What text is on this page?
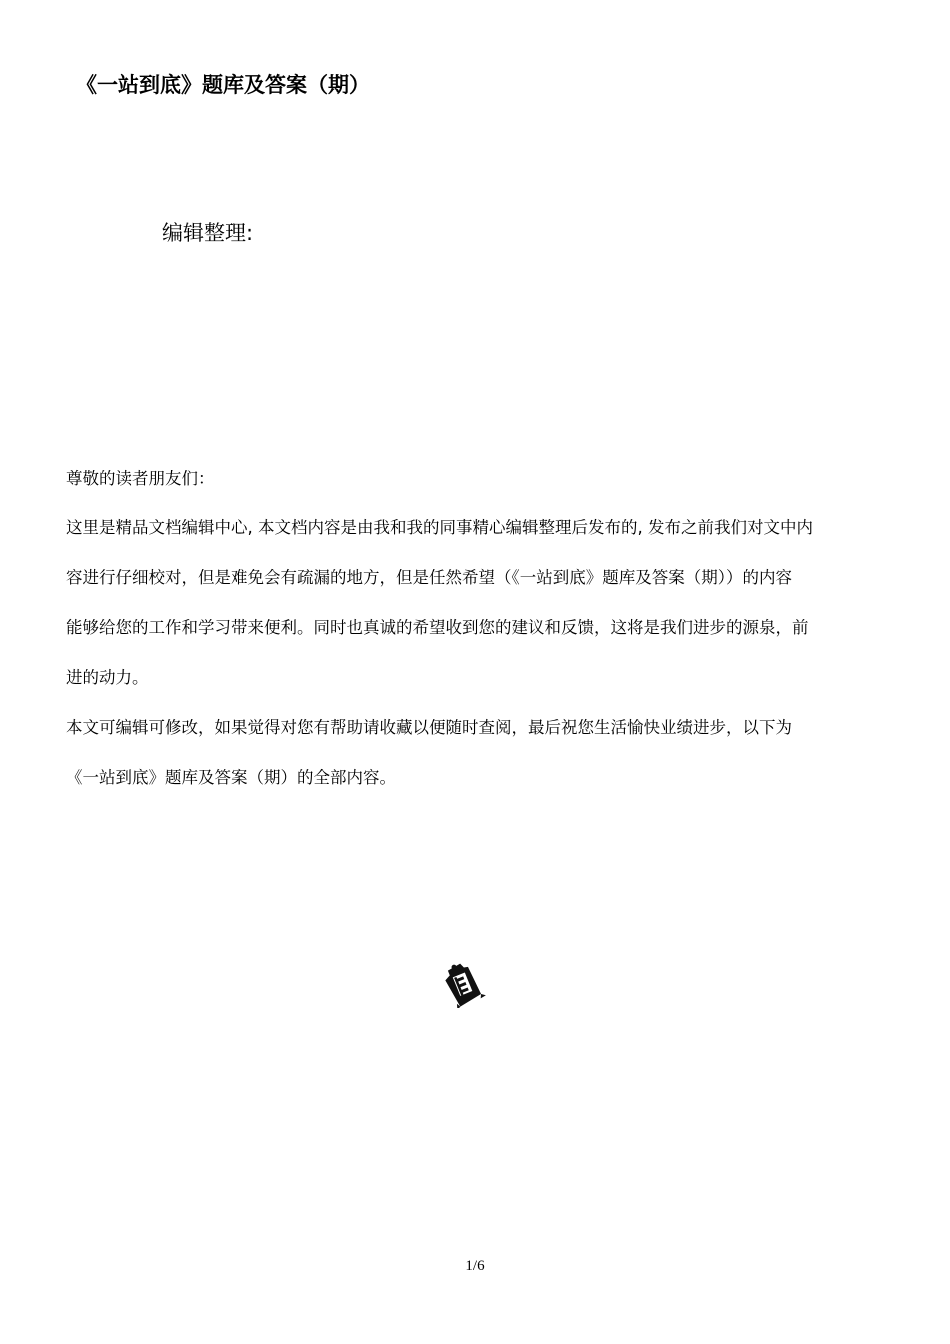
《一站到底》题库及答案（期）
编辑整理:
尊敬的读者朋友们：
这里是精品文档编辑中心, 本文档内容是由我和我的同事精心编辑整理后发布的, 发布之前我们对文中内
容进行仔细校对，但是难免会有疏漏的地方，但是任然希望（《一站到底》题库及答案（期））的内容
能够给您的工作和学习带来便利。同时也真诚的希望收到您的建议和反馈，这将是我们进步的源泉，前
进的动力。
本文可编辑可修改，如果觉得对您有帮助请收藏以便随时查阅，最后祝您生活愉快业绩进步，以下为
《一站到底》题库及答案（期）的全部内容。
1/6
